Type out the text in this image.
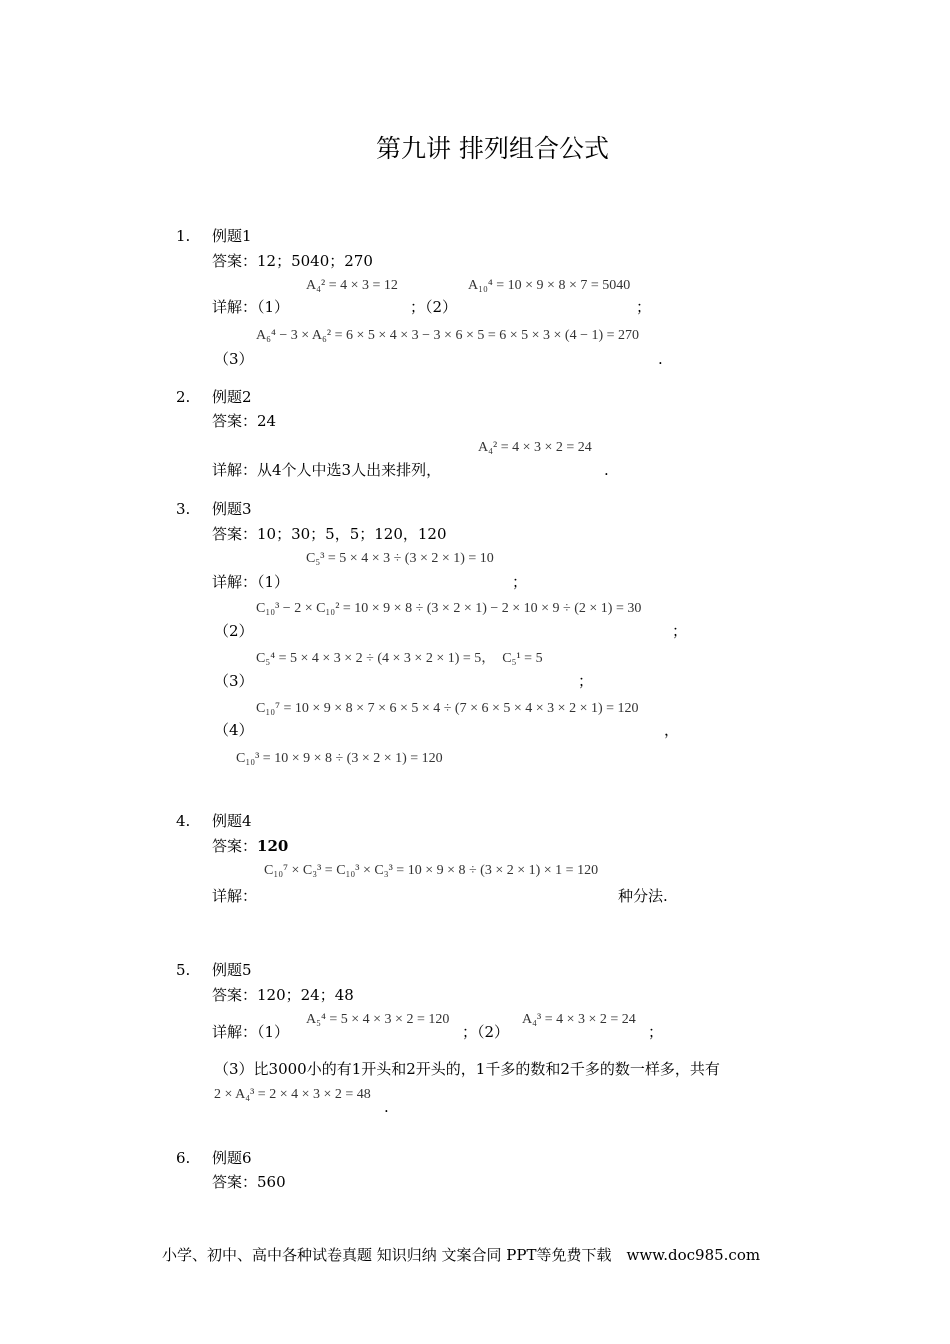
第九讲 排列组合公式
1. 例题1
答案：12；5040；270
A₄² = 4 × 3 = 12	A₁₀⁴ = 10 × 9 × 8 × 7 = 5040
详解：（1）	；（2）	；
A₆⁴ − 3 × A₆² = 6 × 5 × 4 × 3 − 3 × 6 × 5 = 6 × 5 × 3 × (4 − 1) = 270
（3）	.
2. 例题2
答案：24
A₄² = 4 × 3 × 2 = 24
详解：从4个人中选3人出来排列，	.
3. 例题3
答案：10；30；5，5；120，120
C₅³ = 5 × 4 × 3 ÷ (3 × 2 × 1) = 10
详解：（1）	；
C₁₀³ − 2 × C₁₀² = 10 × 9 × 8 ÷ (3 × 2 × 1) − 2 × 10 × 9 ÷ (2 × 1) = 30
（2）	；
C₅⁴ = 5 × 4 × 3 × 2 ÷ (4 × 3 × 2 × 1) = 5，　C₅¹ = 5
（3）	；
C₁₀⁷ = 10 × 9 × 8 × 7 × 6 × 5 × 4 ÷ (7 × 6 × 5 × 4 × 3 × 2 × 1) = 120
（4）	，
C₁₀³ = 10 × 9 × 8 ÷ (3 × 2 × 1) = 120
4. 例题4
答案：120
C₁₀⁷ × C₃³ = C₁₀³ × C₃³ = 10 × 9 × 8 ÷ (3 × 2 × 1) × 1 = 120
详解：	种分法.
5. 例题5
答案：120；24；48
A₅⁴ = 5 × 4 × 3 × 2 = 120	A₄³ = 4 × 3 × 2 = 24
详解：（1）	；（2）	；
（3）比3000小的有1开头和2开头的，1千多的数和2千多的数一样多，共有
2 × A₄³ = 2 × 4 × 3 × 2 = 48
.
6. 例题6
答案：560
小学、初中、高中各种试卷真题 知识归纳 文案合同 PPT等免费下载　www.doc985.com
